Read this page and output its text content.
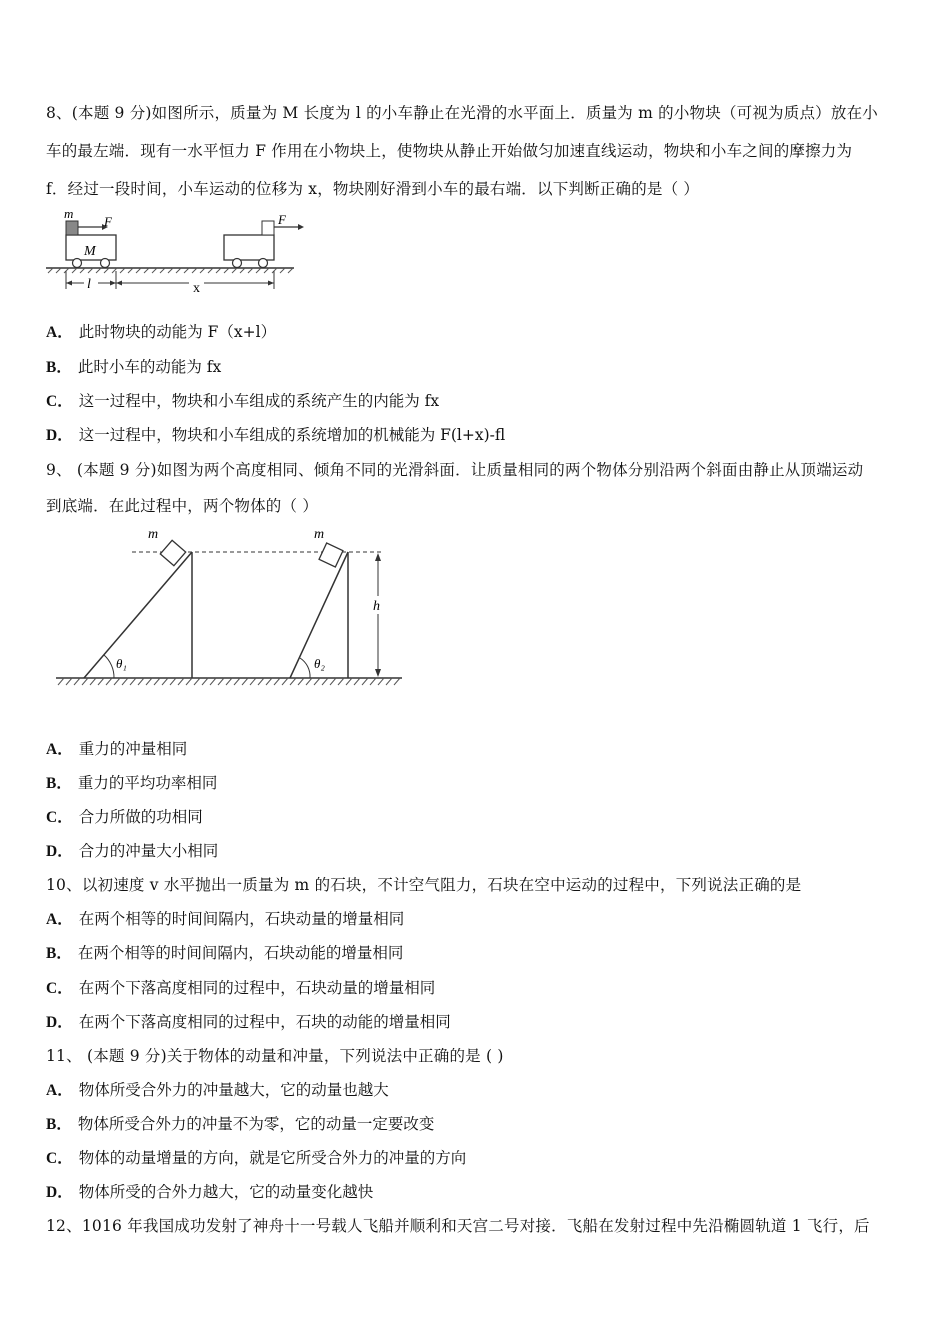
8、(本题 9 分)如图所示，质量为 M 长度为 l 的小车静止在光滑的水平面上．质量为 m 的小物块（可视为质点）放在小
车的最左端．现有一水平恒力 F 作用在小物块上，使物块从静止开始做匀加速直线运动，物块和小车之间的摩擦力为
f．经过一段时间，小车运动的位移为 x，物块刚好滑到小车的最右端．以下判断正确的是（ ）
m
F
M
F
l	x
A． 此时物块的动能为 F（x+l）
B． 此时小车的动能为 fx
C． 这一过程中，物块和小车组成的系统产生的内能为 fx
D． 这一过程中，物块和小车组成的系统增加的机械能为 F(l+x)-fl
9、 (本题 9 分)如图为两个高度相同、倾角不同的光滑斜面．让质量相同的两个物体分别沿两个斜面由静止从顶端运动
到底端．在此过程中，两个物体的（ ）
θ₁
m
θ₂
m
h
A． 重力的冲量相同
B． 重力的平均功率相同
C． 合力所做的功相同
D． 合力的冲量大小相同
10、以初速度 v 水平抛出一质量为 m 的石块，不计空气阻力，石块在空中运动的过程中，下列说法正确的是
A． 在两个相等的时间间隔内，石块动量的增量相同
B． 在两个相等的时间间隔内，石块动能的增量相同
C． 在两个下落高度相同的过程中，石块动量的增量相同
D． 在两个下落高度相同的过程中，石块的动能的增量相同
11、 (本题 9 分)关于物体的动量和冲量，下列说法中正确的是 ( )
A． 物体所受合外力的冲量越大，它的动量也越大
B． 物体所受合外力的冲量不为零，它的动量一定要改变
C． 物体的动量增量的方向，就是它所受合外力的冲量的方向
D． 物体所受的合外力越大，它的动量变化越快
12、1016 年我国成功发射了神舟十一号载人飞船并顺利和天宫二号对接．飞船在发射过程中先沿椭圆轨道 1 飞行，后
